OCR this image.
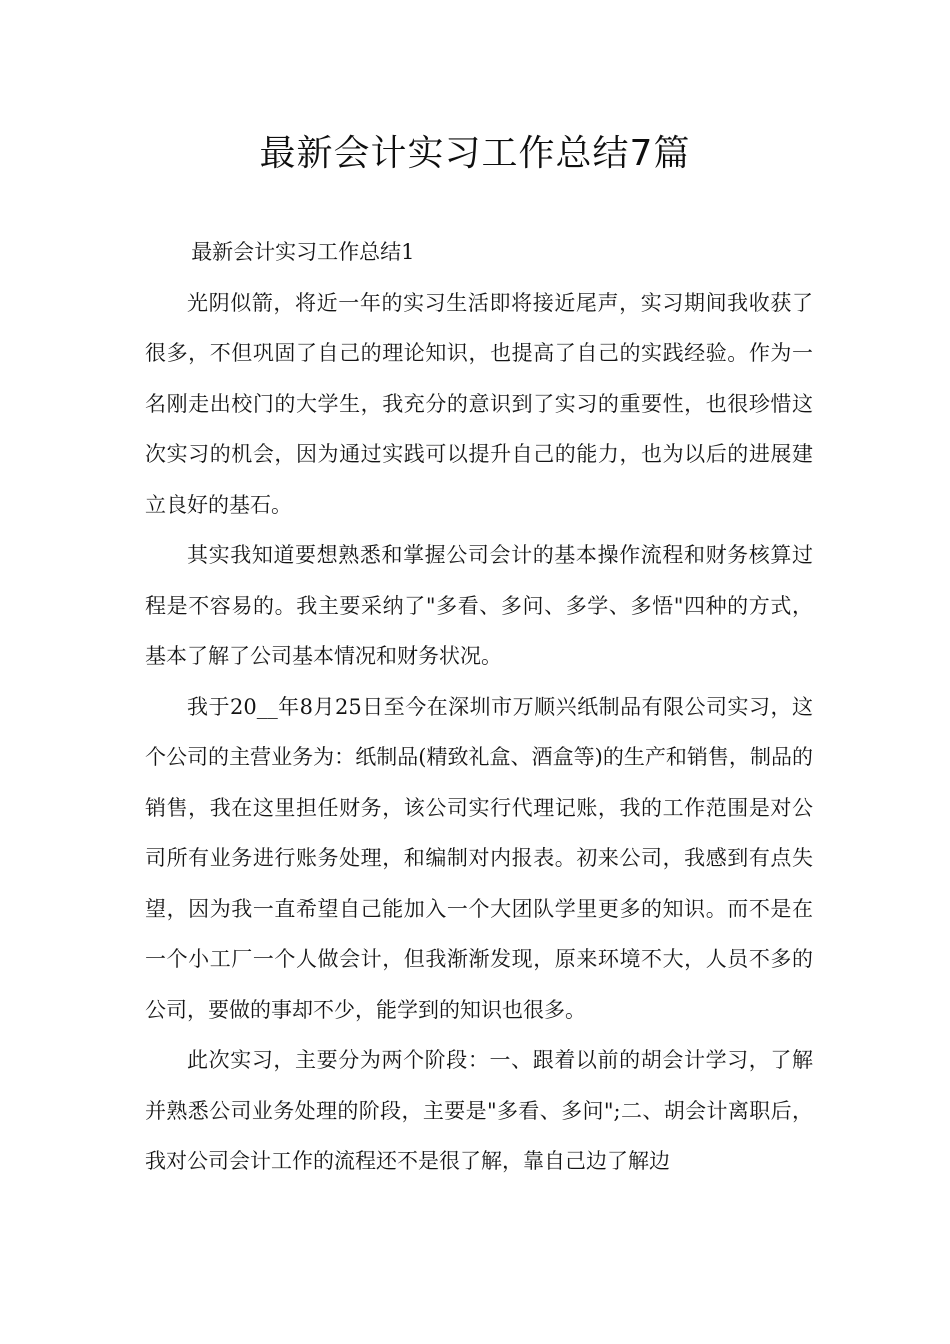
最新会计实习工作总结7篇

最新会计实习工作总结1

光阴似箭，将近一年的实习生活即将接近尾声，实习期间我收获了很多，不但巩固了自己的理论知识，也提高了自己的实践经验。作为一名刚走出校门的大学生，我充分的意识到了实习的重要性，也很珍惜这次实习的机会，因为通过实践可以提升自己的能力，也为以后的进展建立良好的基石。

其实我知道要想熟悉和掌握公司会计的基本操作流程和财务核算过程是不容易的。我主要采纳了"多看、多问、多学、多悟"四种的方式，基本了解了公司基本情况和财务状况。

我于20__年8月25日至今在深圳市万顺兴纸制品有限公司实习，这个公司的主营业务为：纸制品(精致礼盒、酒盒等)的生产和销售，制品的销售，我在这里担任财务，该公司实行代理记账，我的工作范围是对公司所有业务进行账务处理，和编制对内报表。初来公司，我感到有点失望，因为我一直希望自己能加入一个大团队学里更多的知识。而不是在一个小工厂一个人做会计，但我渐渐发现，原来环境不大，人员不多的公司，要做的事却不少，能学到的知识也很多。

此次实习，主要分为两个阶段：一、跟着以前的胡会计学习，了解并熟悉公司业务处理的阶段，主要是"多看、多问";二、胡会计离职后，我对公司会计工作的流程还不是很了解，靠自己边了解边
